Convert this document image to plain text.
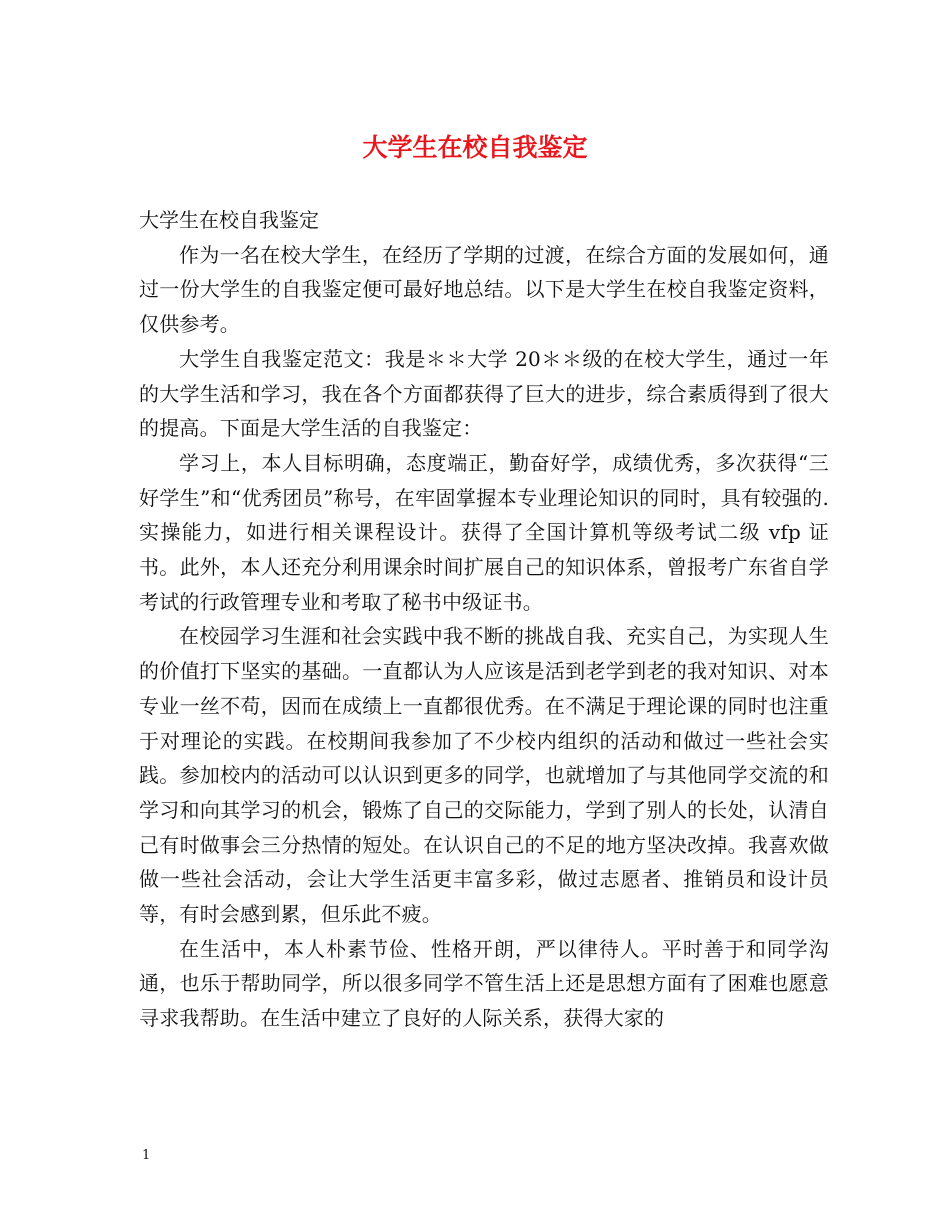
大学生在校自我鉴定

大学生在校自我鉴定

作为一名在校大学生，在经历了学期的过渡，在综合方面的发展如何，通过一份大学生的自我鉴定便可最好地总结。以下是大学生在校自我鉴定资料，仅供参考。

大学生自我鉴定范文：我是＊＊大学 20＊＊级的在校大学生，通过一年的大学生活和学习，我在各个方面都获得了巨大的进步，综合素质得到了很大的提高。下面是大学生活的自我鉴定：

学习上，本人目标明确，态度端正，勤奋好学，成绩优秀，多次获得“三好学生”和“优秀团员”称号，在牢固掌握本专业理论知识的同时，具有较强的.实操能力，如进行相关课程设计。获得了全国计算机等级考试二级 vfp 证书。此外，本人还充分利用课余时间扩展自己的知识体系，曾报考广东省自学考试的行政管理专业和考取了秘书中级证书。

在校园学习生涯和社会实践中我不断的挑战自我、充实自己，为实现人生的价值打下坚实的基础。一直都认为人应该是活到老学到老的我对知识、对本专业一丝不苟，因而在成绩上一直都很优秀。在不满足于理论课的同时也注重于对理论的实践。在校期间我参加了不少校内组织的活动和做过一些社会实践。参加校内的活动可以认识到更多的同学，也就增加了与其他同学交流的和学习和向其学习的机会，锻炼了自己的交际能力，学到了别人的长处，认清自己有时做事会三分热情的短处。在认识自己的不足的地方坚决改掉。我喜欢做做一些社会活动，会让大学生活更丰富多彩，做过志愿者、推销员和设计员等，有时会感到累，但乐此不疲。

在生活中，本人朴素节俭、性格开朗，严以律待人。平时善于和同学沟通，也乐于帮助同学，所以很多同学不管生活上还是思想方面有了困难也愿意寻求我帮助。在生活中建立了良好的人际关系，获得大家的

1
